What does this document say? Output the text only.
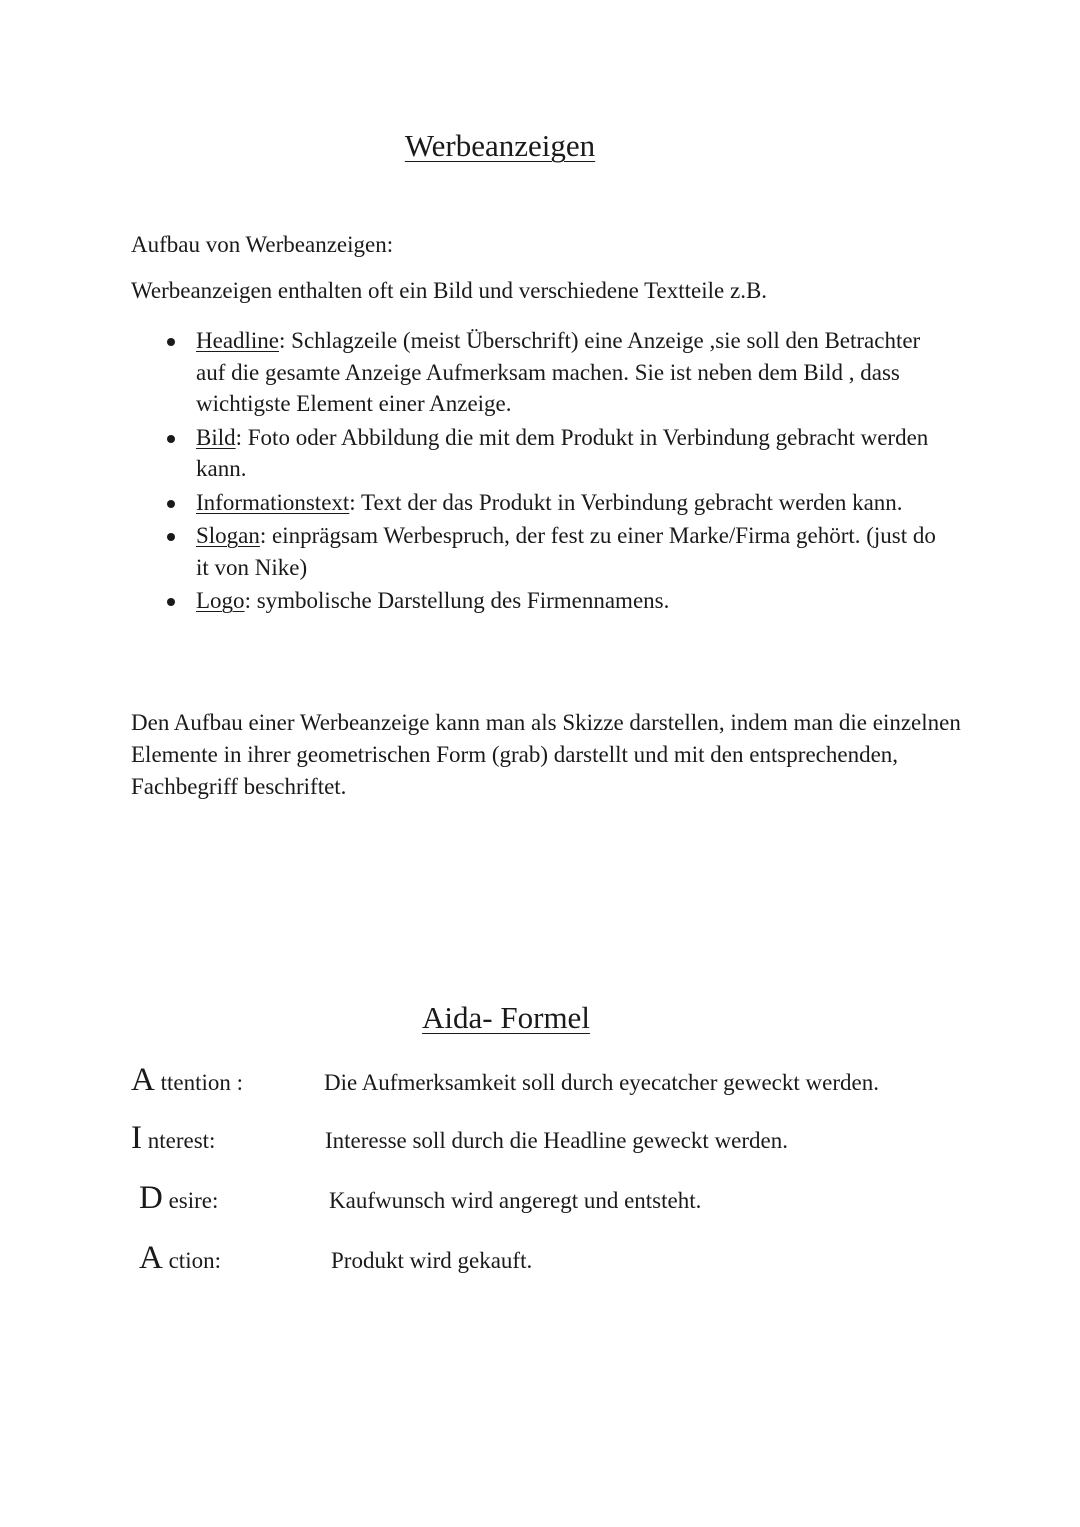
Werbeanzeigen

Aufbau von Werbeanzeigen:

Werbeanzeigen enthalten oft ein Bild und verschiedene Textteile z.B.

Headline: Schlagzeile (meist Überschrift) eine Anzeige ,sie soll den Betrachter auf die gesamte Anzeige Aufmerksam machen. Sie ist neben dem Bild , dass wichtigste Element einer Anzeige.
Bild: Foto oder Abbildung die mit dem Produkt in Verbindung gebracht werden kann.
Informationstext: Text der das Produkt in Verbindung gebracht werden kann.
Slogan: einprägsam Werbespruch, der fest zu einer Marke/Firma gehört. (just do it von Nike)
Logo: symbolische Darstellung des Firmennamens.

Den Aufbau einer Werbeanzeige kann man als Skizze darstellen, indem man die einzelnen Elemente in ihrer geometrischen Form (grab) darstellt und mit den entsprechenden, Fachbegriff beschriftet.

Aida- Formel
A ttention :	Die Aufmerksamkeit soll durch eyecatcher geweckt werden.
I nterest:	Interesse soll durch die Headline geweckt werden.
D esire:	Kaufwunsch wird angeregt und entsteht.
A ction:	Produkt wird gekauft.
